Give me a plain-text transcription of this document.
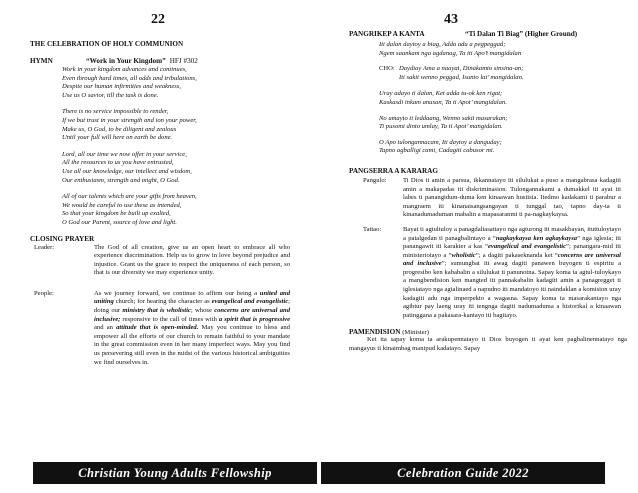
22

THE CELEBRATION OF HOLY COMMUNION

HYMN	“Work in Your Kingdom” HFJ #302

Work in your kingdom advances and continues,

Even through hard times, all odds and tribulations,

Despite our human infirmities and weakness,

Use us O savior, till the task is done.

There is no service impossible to render,

If we but trust in your strength and ion your power,

Make us, O God, to be diligent and zealous

Until your full will here on earth be done.

Lord, all our time we now offer in your service,

All the resources to us you have entrusted,

Use all our knowledge, our intellect and wisdom,

Our enthusiasm, strength and might, O God.

All of our talents which are your gifts from heaven,

We would be careful to use these as intended,

So that your kingdom be built up exalted,

O God our Parent, source of love and light.

CLOSING PRAYER

Leader:	The God of all creation, give us an open heart to embrace all who experience discrimination. Help us to grow in love beyond prejudice and injustice. Grant us the grace to respect the uniqueness of each person, so that is our diversity we may experience unity.
People:	As we journey forward, we continue to affirm our being a united and uniting church; for hearing the character as evangelical and evangelistic; doing our ministry that is wholistic; whose concerns are universal and inclusive; responsive to the call of times with a spirit that is progressive and an attitude that is open-minded. May you continue to bless and empower all the efforts of our church to remain faithful to your mandate in the great commission even in her many imperfect ways. May you find us persevering still even in the midst of the various historical ambiguities we find ourselves in.
Christian Young Adults Fellowship
43
PANGRIKEP A KANTA	“Ti Dalan Ti Biag” (Higher Ground)

Iti dalan daytoy a biag, Adda adu a pegpeggad;

Ngem saankam nga agdanag, Ta iti Apo’t mangidalan

CHO: Daydiay Ama a naayat, Dinakamto sinsina-an;

Iti sakit wenno peggad, Isunto lat’ mangidalan.

Uray adayo ti dalan, Ket adda tu-ok ken rigat;

Kaskasdi inkam anusan, Ta ti Apot’ mangidalan.

No umayto ti leddaang, Wenno sakit masarakan;

Ti pusomi dinto umlay, Ta ti Apot’ mangidalan.

O Apo tulongannacam, Iti daytoy a danguday;

Tapno agballigi cami, Cadagiti cabusor mi.

PANGSERRA A KARARAG

Pangulo:	Ti Dios ti amin a parsua, ikkannatayo iti silulukat a puso a mangabrasa kadagiti amin a makapadas iti diskriminasion. Tulongannakami a dumakkel iti ayat iti labes ti panangidum-duma ken kinaawan hustisia. Itedmo kadakami ti parabur a mangraem iti kinanaisangsangayan ti tunggal tao, tapno day-ta ti kinanadumaduman mabalin a mapasaranmi ti pa-nagkaykaysa.
Tattao:	Bayat ti agtultuloy a panagdaliasattayo nga agturong iti masakbayan, ituttuloytayo a patalgedan ti panagbalintayo a “nagkaykaysa ken agkaykaysa” nga iglesia; iti panangawit iti karakter a kas “evangelical and evangelistic”; panangara-mid iti ministeriotayo a “wholistic”; a dagiti pakaseknanda ket “concerns are universal and inclusive”; sumungbat iti awag dagiti panawen buyogen ti espiritu a progresibo ken kababalin a silulukat ti panunotna. Sapay koma ta agtul-tuloykayo a mangbendision ken mangted iti pannakabalin kadagiti amin a panagregget ti iglesiatayo nga agtalinaed a napudno iti mandatoyo iti naindaklan a komision uray kadagiti adu nga imperpekto a wagasna. Sapay koma ta masarakantayo nga agibtur pay laeng uray iti tengnga dagiti nadumaduma a historikal a kinaawan patinggana a pakasara-kantayo iti bagitayo.
PAMENDISION (Minister)

Ket ita sapay koma ta arakupennatayo ti Dios buyogen ti ayat ken pagbalinennatayo nga mangayus ti kinaimbag manipud kadatayo. Sapay

Celebration Guide 2022
